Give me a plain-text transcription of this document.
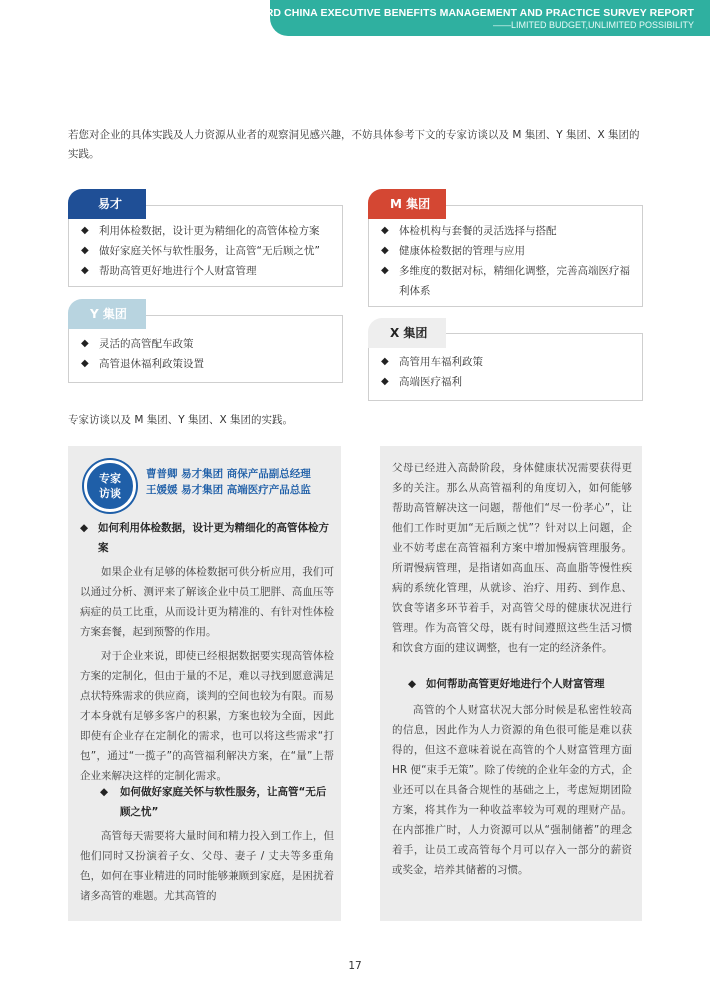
THE 3RD CHINA EXECUTIVE BENEFITS MANAGEMENT AND PRACTICE SURVEY REPORT
——LIMITED BUDGET,UNLIMITED POSSIBILITY
若您对企业的具体实践及人力资源从业者的观察洞见感兴趣，不妨具体参考下文的专家访谈以及 M 集团、Y 集团、X 集团的实践。
◆ 利用体检数据，设计更为精细化的高管体检方案
◆ 做好家庭关怀与软性服务，让高管“无后顾之忧”
◆ 帮助高管更好地进行个人财富管理
易才
◆ 体检机构与套餐的灵活选择与搭配
◆ 健康体检数据的管理与应用
◆ 多维度的数据对标，精细化调整，完善高端医疗福利体系
M 集团
◆ 灵活的高管配车政策
◆ 高管退休福利政策设置
Y 集团
◆ 高管用车福利政策
◆ 高端医疗福利
X 集团
专家访谈以及 M 集团、Y 集团、X 集团的实践。
专家
访谈
曹普卿 易才集团 商保产品副总经理
王媛媛 易才集团 高端医疗产品总监
◆ 如何利用体检数据，设计更为精细化的高管体检方案

如果企业有足够的体检数据可供分析应用，我们可以通过分析、测评来了解该企业中员工肥胖、高血压等病症的员工比重，从而设计更为精准的、有针对性体检方案套餐，起到预警的作用。

对于企业来说，即使已经根据数据要实现高管体检方案的定制化，但由于量的不足，难以寻找到愿意满足点状特殊需求的供应商，谈判的空间也较为有限。而易才本身就有足够多客户的积累，方案也较为全面，因此即使有企业存在定制化的需求，也可以将这些需求“打包”，通过“一揽子”的高管福利解决方案，在“量”上帮企业来解决这样的定制化需求。

◆ 如何做好家庭关怀与软性服务，让高管“无后顾之忧”

高管每天需要将大量时间和精力投入到工作上，但他们同时又扮演着子女、父母、妻子 / 丈夫等多重角色，如何在事业精进的同时能够兼顾到家庭，是困扰着诸多高管的难题。尤其高管的

父母已经进入高龄阶段，身体健康状况需要获得更多的关注。那么从高管福利的角度切入，如何能够帮助高管解决这一问题，帮他们“尽一份孝心”，让他们工作时更加“无后顾之忧”？针对以上问题，企业不妨考虑在高管福利方案中增加慢病管理服务。所谓慢病管理，是指诸如高血压、高血脂等慢性疾病的系统化管理，从就诊、治疗、用药、到作息、饮食等诸多环节着手，对高管父母的健康状况进行管理。作为高管父母，既有时间遵照这些生活习惯和饮食方面的建议调整，也有一定的经济条件。

◆ 如何帮助高管更好地进行个人财富管理

高管的个人财富状况大部分时候是私密性较高的信息，因此作为人力资源的角色很可能是难以获得的，但这不意味着说在高管的个人财富管理方面 HR 便“束手无策”。除了传统的企业年金的方式，企业还可以在具备合规性的基础之上，考虑短期团险方案，将其作为一种收益率较为可观的理财产品。在内部推广时，人力资源可以从“强制储蓄”的理念着手，让员工或高管每个月可以存入一部分的薪资或奖金，培养其储蓄的习惯。

17
